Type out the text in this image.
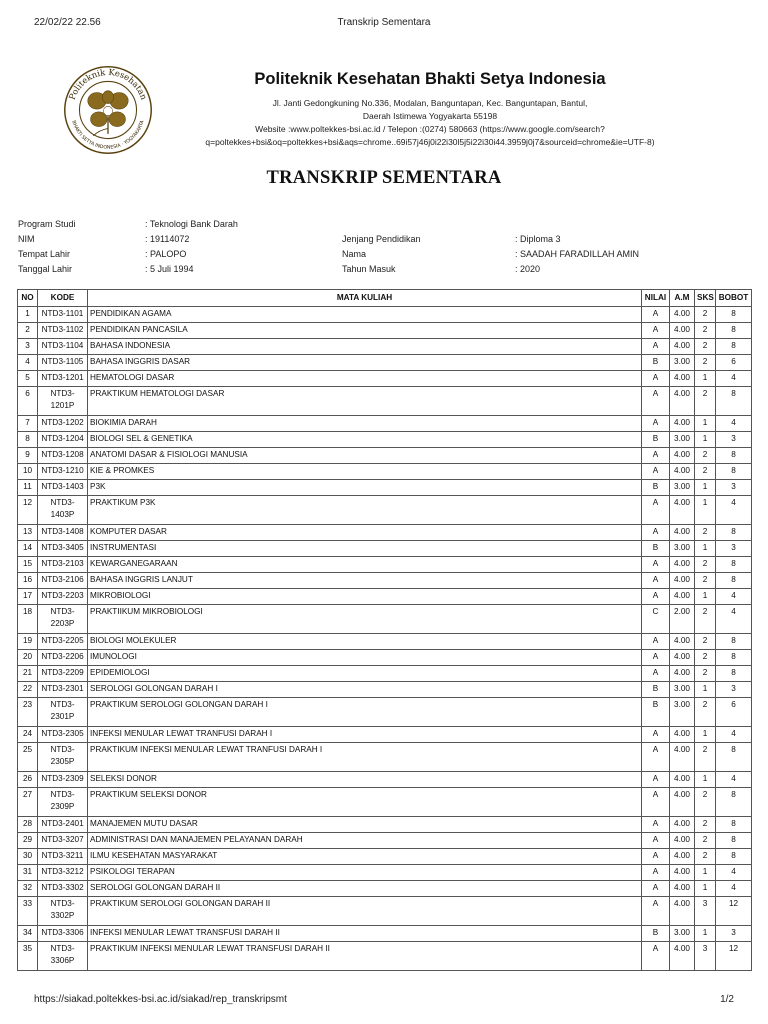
22/02/22 22.56	Transkrip Sementara
Politeknik Kesehatan
BHAKTI SETYA INDONESIA · YOGYAKARTA
Politeknik Kesehatan Bhakti Setya Indonesia
Jl. Janti Gedongkuning No.336, Modalan, Banguntapan, Kec. Banguntapan, Bantul,
Daerah Istimewa Yogyakarta 55198
Website :www.poltekkes-bsi.ac.id / Telepon :(0274) 580663 (https://www.google.com/search?
q=poltekkes+bsi&oq=poltekkes+bsi&aqs=chrome..69i57j46j0i22i30l5j5i22i30i44.3959j0j7&sourceid=chrome&ie=UTF-8)
TRANSKRIP SEMENTARA
Program Studi	: Teknologi Bank Darah
NIM	: 19114072	Jenjang Pendidikan	: Diploma 3
Tempat Lahir	: PALOPO	Nama	: SAADAH FARADILLAH AMIN
Tanggal Lahir	: 5 Juli 1994	Tahun Masuk	: 2020
NO	KODE	MATA KULIAH	NILAI	A.M	SKS	BOBOT
1	NTD3-1101	PENDIDIKAN AGAMA	A	4.00	2	8
2	NTD3-1102	PENDIDIKAN PANCASILA	A	4.00	2	8
3	NTD3-1104	BAHASA INDONESIA	A	4.00	2	8
4	NTD3-1105	BAHASA INGGRIS DASAR	B	3.00	2	6
5	NTD3-1201	HEMATOLOGI DASAR	A	4.00	1	4
6	NTD3-
1201P	PRAKTIKUM HEMATOLOGI DASAR	A	4.00	2	8
7	NTD3-1202	BIOKIMIA DARAH	A	4.00	1	4
8	NTD3-1204	BIOLOGI SEL & GENETIKA	B	3.00	1	3
9	NTD3-1208	ANATOMI DASAR & FISIOLOGI MANUSIA	A	4.00	2	8
10	NTD3-1210	KIE & PROMKES	A	4.00	2	8
11	NTD3-1403	P3K	B	3.00	1	3
12	NTD3-
1403P	PRAKTIKUM P3K	A	4.00	1	4
13	NTD3-1408	KOMPUTER DASAR	A	4.00	2	8
14	NTD3-3405	INSTRUMENTASI	B	3.00	1	3
15	NTD3-2103	KEWARGANEGARAAN	A	4.00	2	8
16	NTD3-2106	BAHASA INGGRIS LANJUT	A	4.00	2	8
17	NTD3-2203	MIKROBIOLOGI	A	4.00	1	4
18	NTD3-
2203P	PRAKTIIKUM MIKROBIOLOGI	C	2.00	2	4
19	NTD3-2205	BIOLOGI MOLEKULER	A	4.00	2	8
20	NTD3-2206	IMUNOLOGI	A	4.00	2	8
21	NTD3-2209	EPIDEMIOLOGI	A	4.00	2	8
22	NTD3-2301	SEROLOGI GOLONGAN DARAH I	B	3.00	1	3
23	NTD3-
2301P	PRAKTIKUM SEROLOGI GOLONGAN DARAH I	B	3.00	2	6
24	NTD3-2305	INFEKSI MENULAR LEWAT TRANFUSI DARAH I	A	4.00	1	4
25	NTD3-
2305P	PRAKTIKUM INFEKSI MENULAR LEWAT TRANFUSI DARAH I	A	4.00	2	8
26	NTD3-2309	SELEKSI DONOR	A	4.00	1	4
27	NTD3-
2309P	PRAKTIKUM SELEKSI DONOR	A	4.00	2	8
28	NTD3-2401	MANAJEMEN MUTU DASAR	A	4.00	2	8
29	NTD3-3207	ADMINISTRASI DAN MANAJEMEN PELAYANAN DARAH	A	4.00	2	8
30	NTD3-3211	ILMU KESEHATAN MASYARAKAT	A	4.00	2	8
31	NTD3-3212	PSIKOLOGI TERAPAN	A	4.00	1	4
32	NTD3-3302	SEROLOGI GOLONGAN DARAH II	A	4.00	1	4
33	NTD3-
3302P	PRAKTIKUM SEROLOGI GOLONGAN DARAH II	A	4.00	3	12
34	NTD3-3306	INFEKSI MENULAR LEWAT TRANSFUSI DARAH II	B	3.00	1	3
35	NTD3-
3306P	PRAKTIKUM INFEKSI MENULAR LEWAT TRANSFUSI DARAH II	A	4.00	3	12
https://siakad.poltekkes-bsi.ac.id/siakad/rep_transkripsmt	1/2
